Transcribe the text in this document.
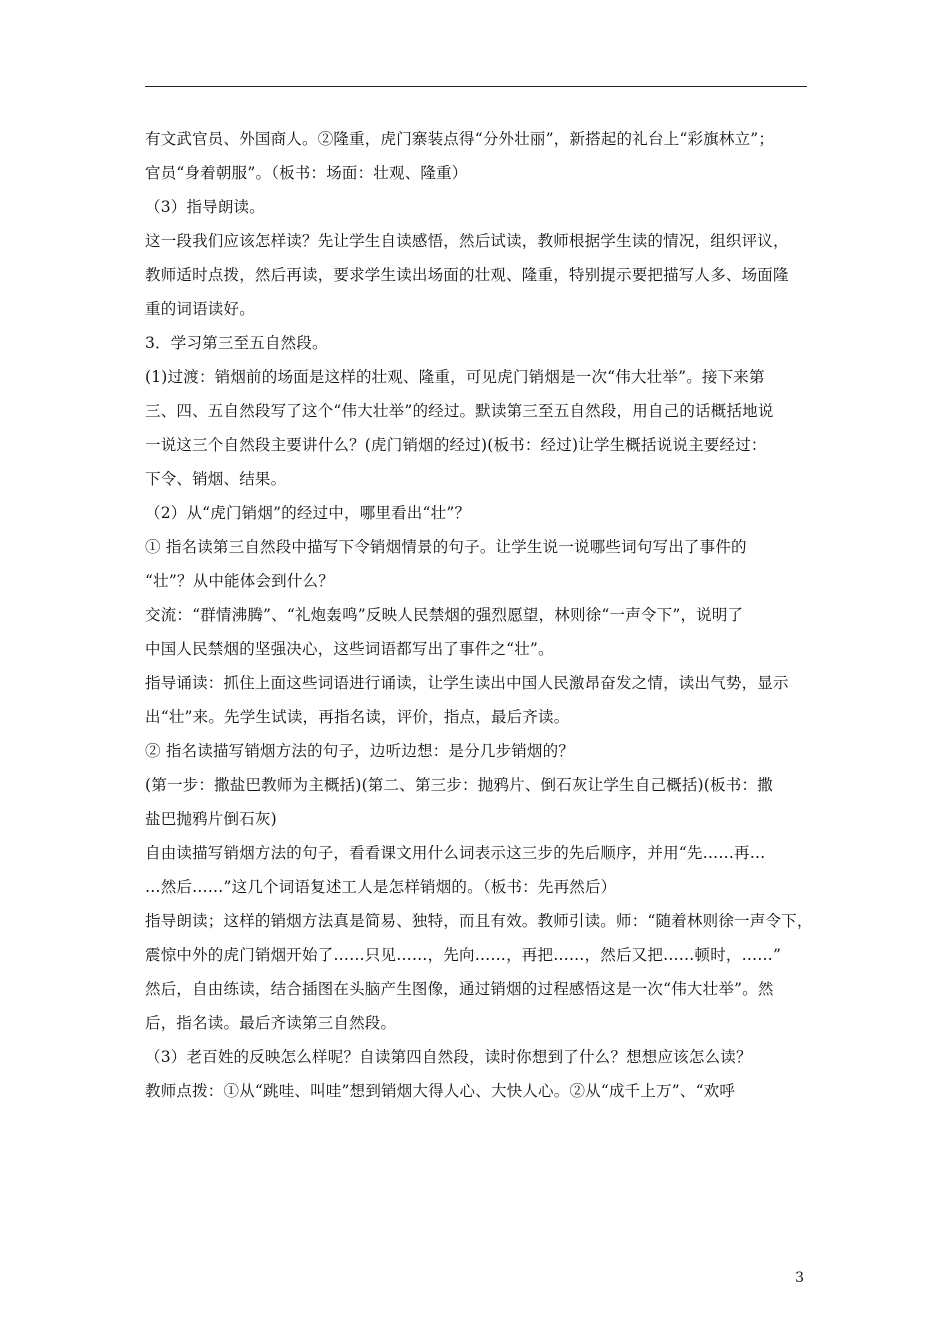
有文武官员、外国商人。②隆重，虎门寨装点得“分外壮丽”，新搭起的礼台上“彩旗林立”；
官员“身着朝服”。（板书：场面：壮观、隆重）
（3）指导朗读。
这一段我们应该怎样读？先让学生自读感悟，然后试读，教师根据学生读的情况，组织评议，
教师适时点拨，然后再读，要求学生读出场面的壮观、隆重，特别提示要把描写人多、场面隆
重的词语读好。
3．学习第三至五自然段。
(1)过渡：销烟前的场面是这样的壮观、隆重，可见虎门销烟是一次“伟大壮举”。接下来第
三、四、五自然段写了这个“伟大壮举”的经过。默读第三至五自然段，用自己的话概括地说
一说这三个自然段主要讲什么？(虎门销烟的经过)(板书：经过)让学生概括说说主要经过：
下令、销烟、结果。
（2）从“虎门销烟”的经过中，哪里看出“壮”？
① 指名读第三自然段中描写下令销烟情景的句子。让学生说一说哪些词句写出了事件的
“壮”？从中能体会到什么？
交流：“群情沸腾”、“礼炮轰鸣”反映人民禁烟的强烈愿望，林则徐“一声令下”，说明了
中国人民禁烟的坚强决心，这些词语都写出了事件之“壮”。
指导诵读：抓住上面这些词语进行诵读，让学生读出中国人民激昂奋发之情，读出气势，显示
出“壮”来。先学生试读，再指名读，评价，指点，最后齐读。
② 指名读描写销烟方法的句子，边听边想：是分几步销烟的？
(第一步：撒盐巴教师为主概括)(第二、第三步：抛鸦片、倒石灰让学生自己概括)(板书：撒
盐巴抛鸦片倒石灰)
自由读描写销烟方法的句子，看看课文用什么词表示这三步的先后顺序，并用“先……再…
…然后……”这几个词语复述工人是怎样销烟的。（板书：先再然后）
指导朗读；这样的销烟方法真是简易、独特，而且有效。教师引读。师：“随着林则徐一声令下，
震惊中外的虎门销烟开始了……只见……，先向……，再把……，然后又把……顿时，……”
然后，自由练读，结合插图在头脑产生图像，通过销烟的过程感悟这是一次“伟大壮举”。然
后，指名读。最后齐读第三自然段。
（3）老百姓的反映怎么样呢？自读第四自然段，读时你想到了什么？想想应该怎么读？
教师点拨：①从“跳哇、叫哇”想到销烟大得人心、大快人心。②从“成千上万”、“欢呼
3
